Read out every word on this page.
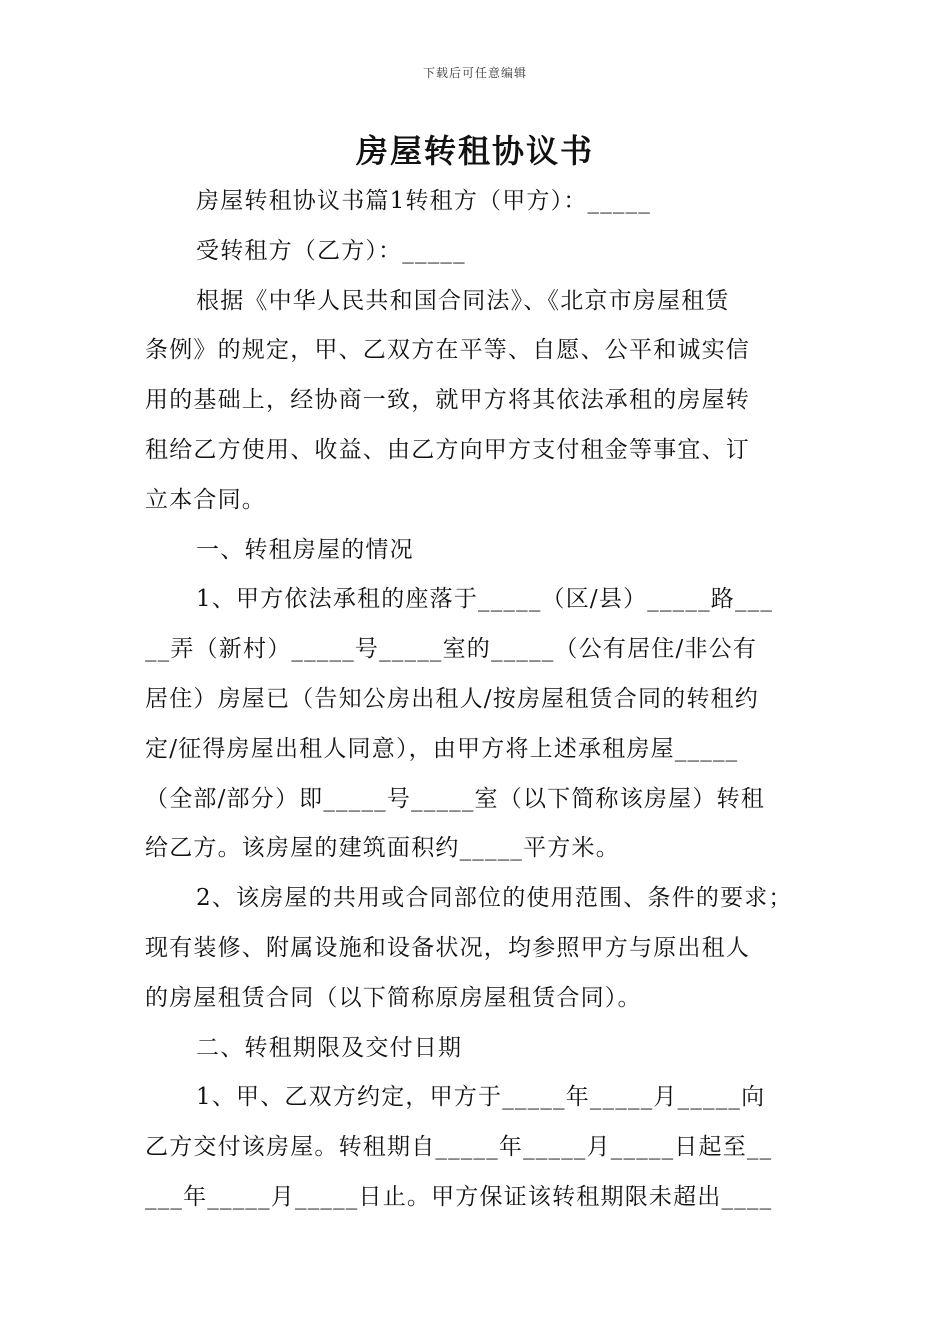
下载后可任意编辑
房屋转租协议书
房屋转租协议书篇1转租方（甲方）：_____
受转租方（乙方）：_____
根据《中华人民共和国合同法》、《北京市房屋租赁
条例》的规定，甲、乙双方在平等、自愿、公平和诚实信
用的基础上，经协商一致，就甲方将其依法承租的房屋转
租给乙方使用、收益、由乙方向甲方支付租金等事宜、订
立本合同。
一、转租房屋的情况
1、甲方依法承租的座落于_____（区/县）_____路___
__弄（新村）_____号_____室的_____（公有居住/非公有
居住）房屋已（告知公房出租人/按房屋租赁合同的转租约
定/征得房屋出租人同意），由甲方将上述承租房屋_____
（全部/部分）即_____号_____室（以下简称该房屋）转租
给乙方。该房屋的建筑面积约_____平方米。
2、该房屋的共用或合同部位的使用范围、条件的要求；
现有装修、附属设施和设备状况，均参照甲方与原出租人
的房屋租赁合同（以下简称原房屋租赁合同）。
二、转租期限及交付日期
1、甲、乙双方约定，甲方于_____年_____月_____向
乙方交付该房屋。转租期自_____年_____月_____日起至__
___年_____月_____日止。甲方保证该转租期限未超出____
